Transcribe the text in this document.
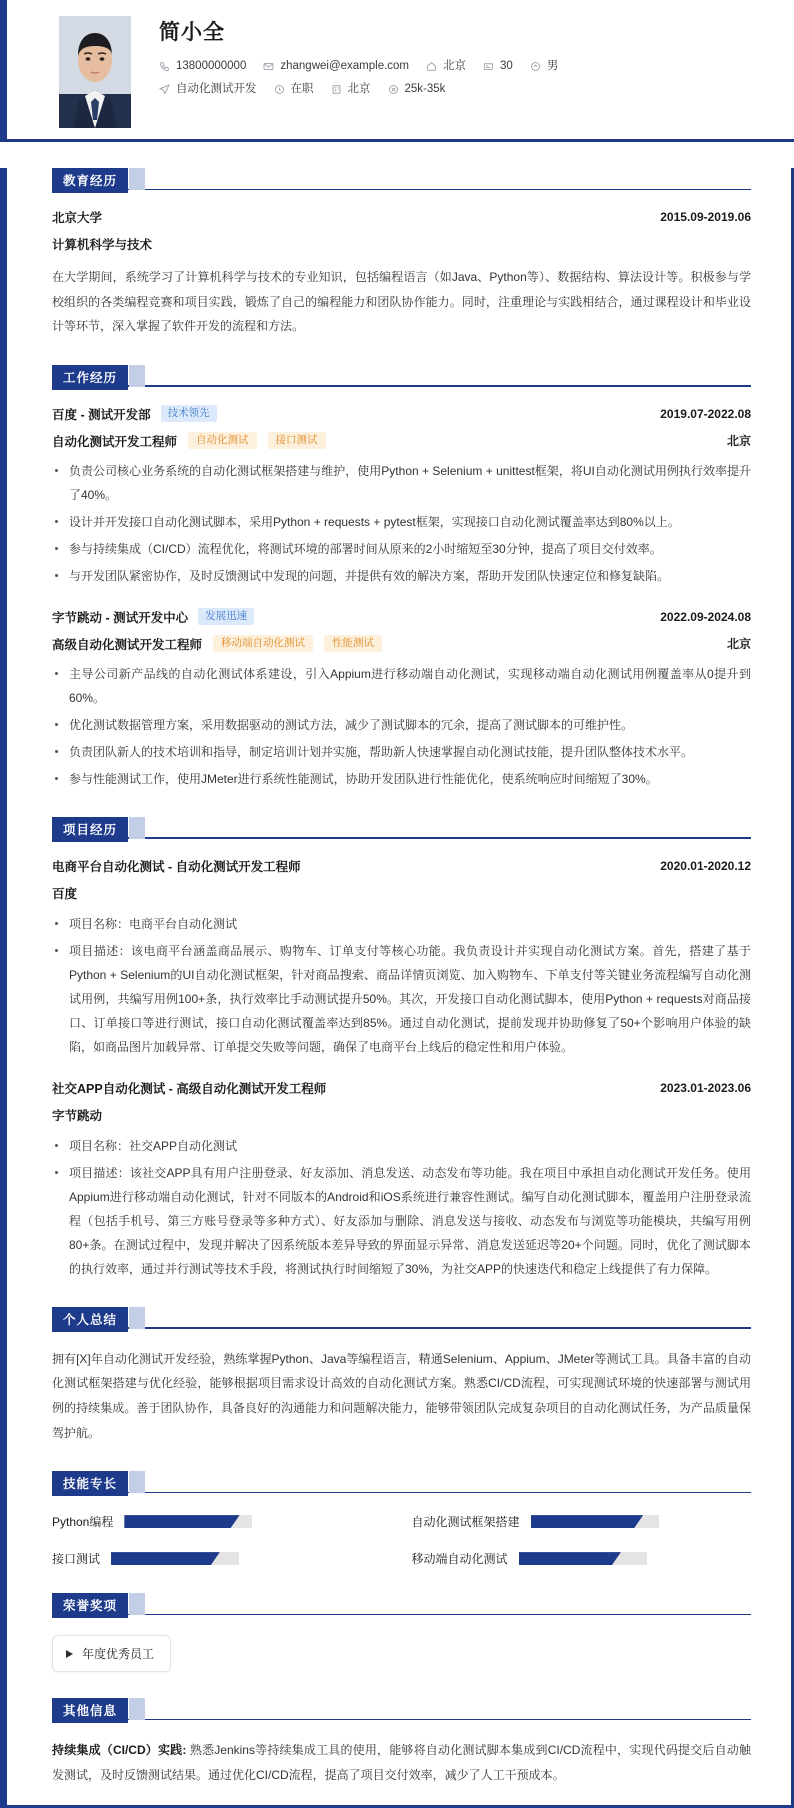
简小全
13800000000	zhangwei@example.com	北京	30	男
自动化测试开发	在职	北京	25k-35k
教育经历
北京大学	2015.09-2019.06
计算机科学与技术
在大学期间，系统学习了计算机科学与技术的专业知识，包括编程语言（如Java、Python等）、数据结构、算法设计等。积极参与学校组织的各类编程竞赛和项目实践，锻炼了自己的编程能力和团队协作能力。同时，注重理论与实践相结合，通过课程设计和毕业设计等环节，深入掌握了软件开发的流程和方法。
工作经历
百度 - 测试开发部	技术领先	2019.07-2022.08
自动化测试开发工程师	自动化测试	接口测试	北京
负责公司核心业务系统的自动化测试框架搭建与维护，使用Python + Selenium + unittest框架，将UI自动化测试用例执行效率提升了40%。
设计并开发接口自动化测试脚本，采用Python + requests + pytest框架，实现接口自动化测试覆盖率达到80%以上。
参与持续集成（CI/CD）流程优化，将测试环境的部署时间从原来的2小时缩短至30分钟，提高了项目交付效率。
与开发团队紧密协作，及时反馈测试中发现的问题，并提供有效的解决方案，帮助开发团队快速定位和修复缺陷。
字节跳动 - 测试开发中心	发展迅速	2022.09-2024.08
高级自动化测试开发工程师	移动端自动化测试	性能测试	北京
主导公司新产品线的自动化测试体系建设，引入Appium进行移动端自动化测试，实现移动端自动化测试用例覆盖率从0提升到60%。
优化测试数据管理方案，采用数据驱动的测试方法，减少了测试脚本的冗余，提高了测试脚本的可维护性。
负责团队新人的技术培训和指导，制定培训计划并实施，帮助新人快速掌握自动化测试技能，提升团队整体技术水平。
参与性能测试工作，使用JMeter进行系统性能测试，协助开发团队进行性能优化，使系统响应时间缩短了30%。
项目经历
电商平台自动化测试 - 自动化测试开发工程师	2020.01-2020.12
百度
项目名称：电商平台自动化测试
项目描述：该电商平台涵盖商品展示、购物车、订单支付等核心功能。我负责设计并实现自动化测试方案。首先，搭建了基于Python + Selenium的UI自动化测试框架，针对商品搜索、商品详情页浏览、加入购物车、下单支付等关键业务流程编写自动化测试用例，共编写用例100+条，执行效率比手动测试提升50%。其次，开发接口自动化测试脚本，使用Python + requests对商品接口、订单接口等进行测试，接口自动化测试覆盖率达到85%。通过自动化测试，提前发现并协助修复了50+个影响用户体验的缺陷，如商品图片加载异常、订单提交失败等问题，确保了电商平台上线后的稳定性和用户体验。
社交APP自动化测试 - 高级自动化测试开发工程师	2023.01-2023.06
字节跳动
项目名称：社交APP自动化测试
项目描述：该社交APP具有用户注册登录、好友添加、消息发送、动态发布等功能。我在项目中承担自动化测试开发任务。使用Appium进行移动端自动化测试，针对不同版本的Android和iOS系统进行兼容性测试。编写自动化测试脚本，覆盖用户注册登录流程（包括手机号、第三方账号登录等多种方式）、好友添加与删除、消息发送与接收、动态发布与浏览等功能模块，共编写用例80+条。在测试过程中，发现并解决了因系统版本差异导致的界面显示异常、消息发送延迟等20+个问题。同时，优化了测试脚本的执行效率，通过并行测试等技术手段，将测试执行时间缩短了30%，为社交APP的快速迭代和稳定上线提供了有力保障。
个人总结
拥有[X]年自动化测试开发经验，熟练掌握Python、Java等编程语言，精通Selenium、Appium、JMeter等测试工具。具备丰富的自动化测试框架搭建与优化经验，能够根据项目需求设计高效的自动化测试方案。熟悉CI/CD流程，可实现测试环境的快速部署与测试用例的持续集成。善于团队协作，具备良好的沟通能力和问题解决能力，能够带领团队完成复杂项目的自动化测试任务，为产品质量保驾护航。
技能专长
Python编程	自动化测试框架搭建
接口测试	移动端自动化测试
荣誉奖项
年度优秀员工
其他信息
持续集成（CI/CD）实践: 熟悉Jenkins等持续集成工具的使用，能够将自动化测试脚本集成到CI/CD流程中，实现代码提交后自动触发测试，及时反馈测试结果。通过优化CI/CD流程，提高了项目交付效率，减少了人工干预成本。
